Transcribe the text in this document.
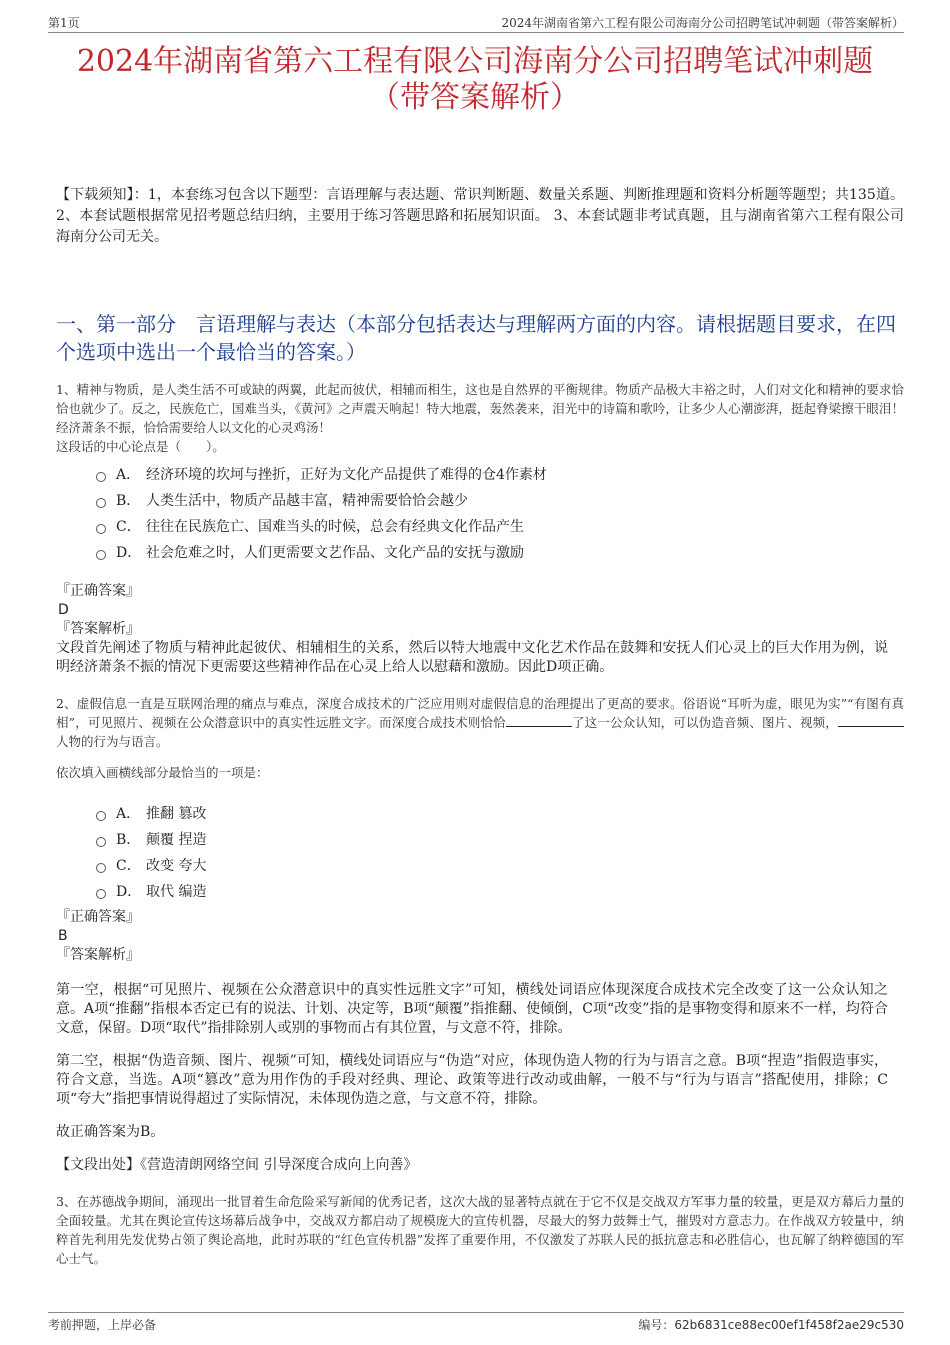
第1页	2024年湖南省第六工程有限公司海南分公司招聘笔试冲刺题（带答案解析）
2024年湖南省第六工程有限公司海南分公司招聘笔试冲刺题
（带答案解析）
【下载须知】：1，本套练习包含以下题型：言语理解与表达题、常识判断题、数量关系题、判断推理题和资料分析题等题型；共135道。 2、本套试题根据常见招考题总结归纳，主要用于练习答题思路和拓展知识面。 3、本套试题非考试真题，且与湖南省第六工程有限公司海南分公司无关。
一、第一部分　言语理解与表达（本部分包括表达与理解两方面的内容。请根据题目要求，在四个选项中选出一个最恰当的答案。）
1、精神与物质，是人类生活不可或缺的两翼，此起而彼伏，相辅而相生，这也是自然界的平衡规律。物质产品极大丰裕之时，人们对文化和精神的要求恰恰也就少了。反之，民族危亡，国难当头，《黄河》之声震天响起！特大地震，轰然袭来，泪光中的诗篇和歌吟，让多少人心潮澎湃，挺起脊梁擦干眼泪！经济萧条不振，恰恰需要给人以文化的心灵鸡汤！
这段话的中心论点是（　　）。
A． 经济环境的坎坷与挫折，正好为文化产品提供了难得的仓4作素材
B． 人类生活中，物质产品越丰富，精神需要恰恰会越少
C． 往往在民族危亡、国难当头的时候，总会有经典文化作品产生
D． 社会危难之时，人们更需要文艺作品、文化产品的安抚与激励
『正确答案』
D
『答案解析』
文段首先阐述了物质与精神此起彼伏、相辅相生的关系，然后以特大地震中文化艺术作品在鼓舞和安抚人们心灵上的巨大作用为例，说明经济萧条不振的情况下更需要这些精神作品在心灵上给人以慰藉和激励。因此D项正确。
2、虚假信息一直是互联网治理的痛点与难点，深度合成技术的广泛应用则对虚假信息的治理提出了更高的要求。俗语说“耳听为虚，眼见为实”“有图有真相”，可见照片、视频在公众潜意识中的真实性远胜文字。而深度合成技术则恰恰	了这一公众认知，可以伪造音频、图片、视频，人物的行为与语言。
依次填入画横线部分最恰当的一项是：
A． 推翻 篡改
B． 颠覆 捏造
C． 改变 夸大
D． 取代 编造
『正确答案』
B
『答案解析』
第一空，根据“可见照片、视频在公众潜意识中的真实性远胜文字”可知，横线处词语应体现深度合成技术完全改变了这一公众认知之意。A项“推翻”指根本否定已有的说法、计划、决定等，B项“颠覆”指推翻、使倾倒，C项“改变”指的是事物变得和原来不一样，均符合文意，保留。D项“取代”指排除别人或别的事物而占有其位置，与文意不符，排除。
第二空，根据“伪造音频、图片、视频”可知，横线处词语应与“伪造”对应，体现伪造人物的行为与语言之意。B项“捏造”指假造事实，符合文意，当选。A项“篡改”意为用作伪的手段对经典、理论、政策等进行改动或曲解，一般不与“行为与语言”搭配使用，排除；C项“夸大”指把事情说得超过了实际情况，未体现伪造之意，与文意不符，排除。
故正确答案为B。
【文段出处】《营造清朗网络空间 引导深度合成向上向善》
3、在苏德战争期间，涌现出一批冒着生命危险采写新闻的优秀记者，这次大战的显著特点就在于它不仅是交战双方军事力量的较量，更是双方幕后力量的全面较量。尤其在舆论宣传这场幕后战争中，交战双方都启动了规模庞大的宣传机器，尽最大的努力鼓舞士气，摧毁对方意志力。在作战双方较量中，纳粹首先利用先发优势占领了舆论高地，此时苏联的“红色宣传机器”发挥了重要作用，不仅激发了苏联人民的抵抗意志和必胜信心，也瓦解了纳粹德国的军心士气。
考前押题，上岸必备	编号：62b6831ce88ec00ef1f458f2ae29c530
